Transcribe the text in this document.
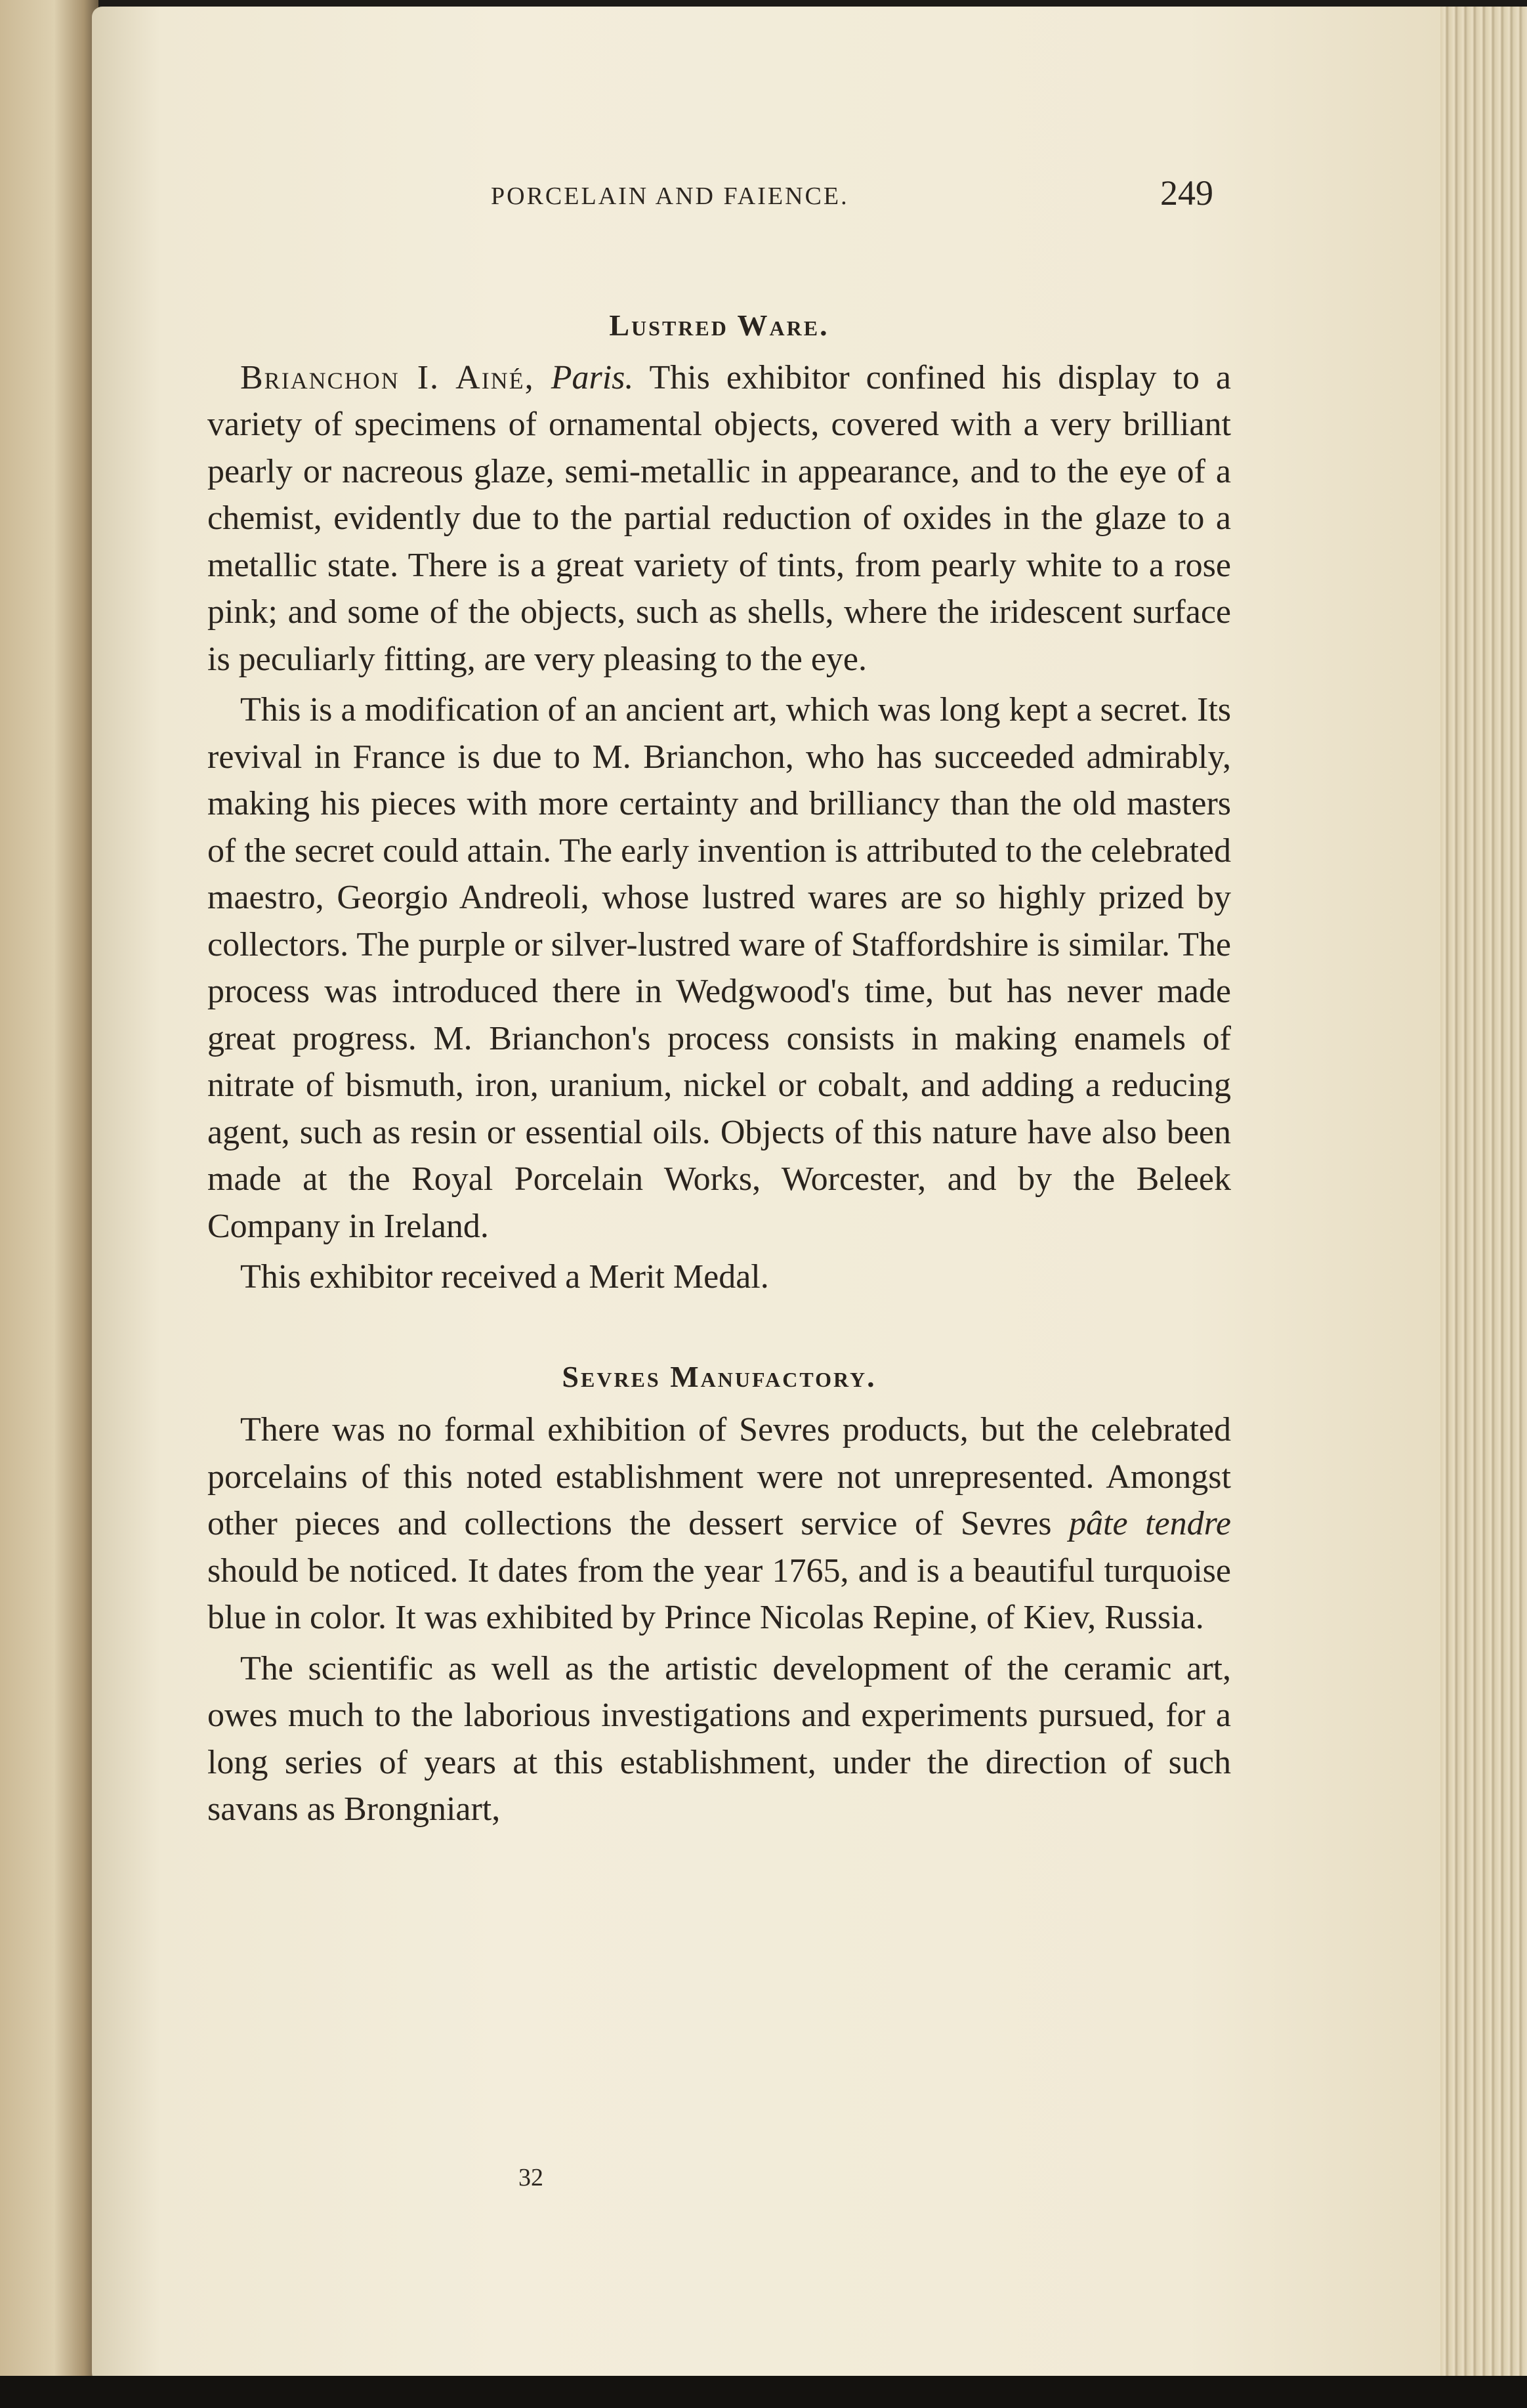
PORCELAIN AND FAIENCE.	249
Lustred Ware.

Brianchon I. Ainé, Paris. This exhibitor confined his display to a variety of specimens of ornamental objects, covered with a very brilliant pearly or nacreous glaze, semi-metallic in appearance, and to the eye of a chemist, evidently due to the partial reduction of oxides in the glaze to a metallic state. There is a great variety of tints, from pearly white to a rose pink; and some of the objects, such as shells, where the iridescent surface is peculiarly fitting, are very pleasing to the eye.

This is a modification of an ancient art, which was long kept a secret. Its revival in France is due to M. Brianchon, who has succeeded admirably, making his pieces with more certainty and brilliancy than the old masters of the secret could attain. The early invention is attributed to the celebrated maestro, Georgio Andreoli, whose lustred wares are so highly prized by collectors. The purple or silver-lustred ware of Staffordshire is similar. The process was introduced there in Wedgwood's time, but has never made great progress. M. Brianchon's process consists in making enamels of nitrate of bismuth, iron, uranium, nickel or cobalt, and adding a reducing agent, such as resin or essential oils. Objects of this nature have also been made at the Royal Porcelain Works, Worcester, and by the Beleek Company in Ireland.

This exhibitor received a Merit Medal.

Sevres Manufactory.

There was no formal exhibition of Sevres products, but the celebrated porcelains of this noted establishment were not unrepresented. Amongst other pieces and collections the dessert service of Sevres pâte tendre should be noticed. It dates from the year 1765, and is a beautiful turquoise blue in color. It was exhibited by Prince Nicolas Repine, of Kiev, Russia.

The scientific as well as the artistic development of the ceramic art, owes much to the laborious investigations and experiments pursued, for a long series of years at this establishment, under the direction of such savans as Brongniart,

32
